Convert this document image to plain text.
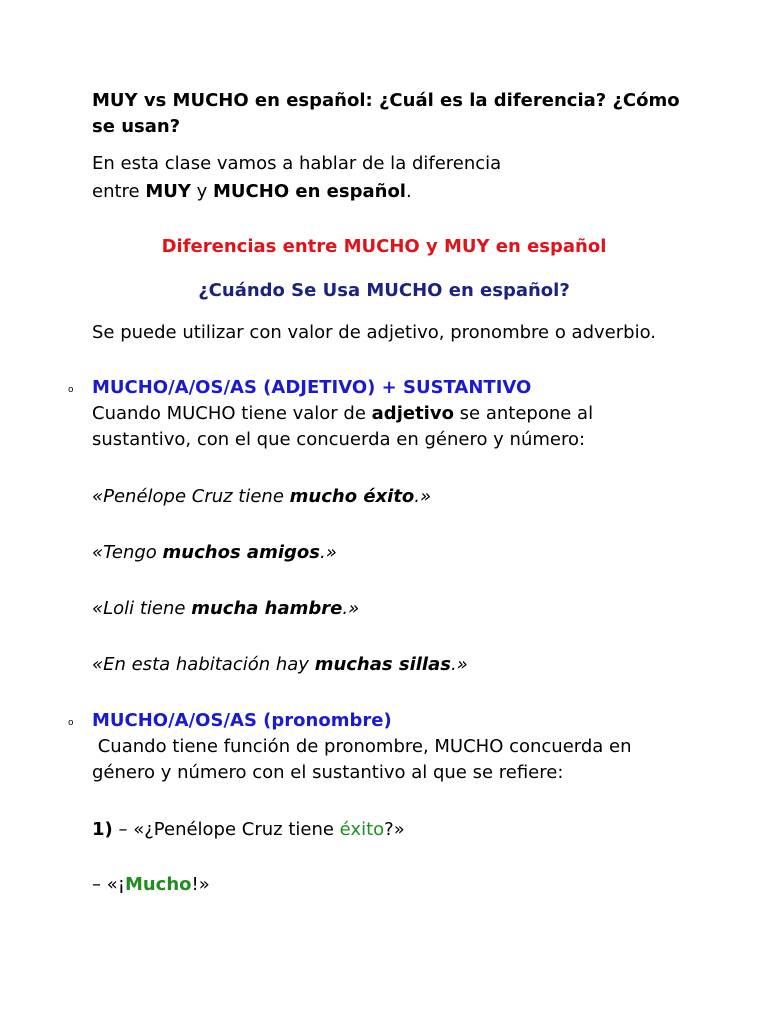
MUY vs MUCHO en español: ¿Cuál es la diferencia? ¿Cómo

se usan?

En esta clase vamos a hablar de la diferencia

entre MUY y MUCHO en español.

Diferencias entre MUCHO y MUY en español

¿Cuándo Se Usa MUCHO en español?

Se puede utilizar con valor de adjetivo, pronombre o adverbio.

o MUCHO/A/OS/AS (ADJETIVO) + SUSTANTIVO

Cuando MUCHO tiene valor de adjetivo se antepone al

sustantivo, con el que concuerda en género y número:

«Penélope Cruz tiene mucho éxito.»

«Tengo muchos amigos.»

«Loli tiene mucha hambre.»

«En esta habitación hay muchas sillas.»

o MUCHO/A/OS/AS (pronombre)

Cuando tiene función de pronombre, MUCHO concuerda en

género y número con el sustantivo al que se refiere:

1) – «¿Penélope Cruz tiene éxito?»

– «¡Mucho!»
